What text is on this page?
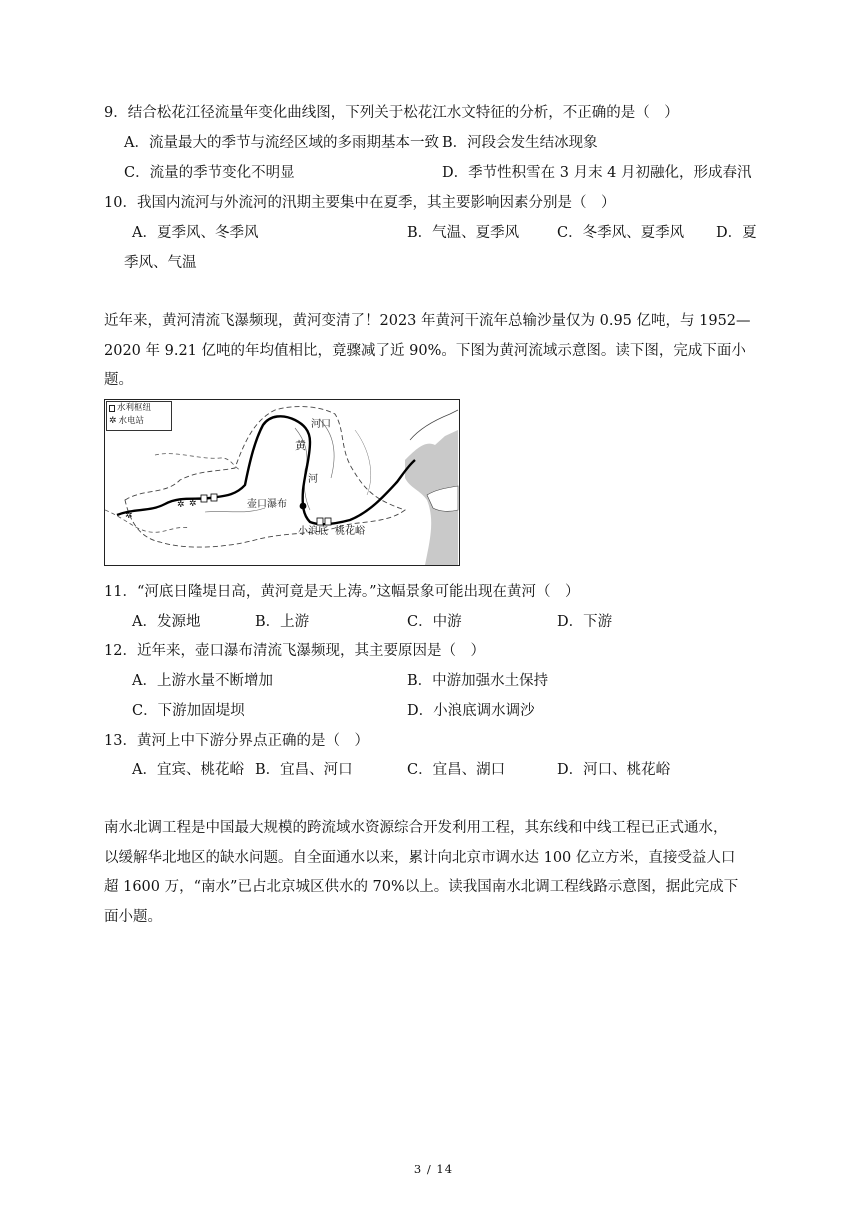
9．结合松花江径流量年变化曲线图，下列关于松花江水文特征的分析，不正确的是（　）
A．流量最大的季节与流经区域的多雨期基本一致 B．河段会发生结冰现象
C．流量的季节变化不明显	D．季节性积雪在 3 月末 4 月初融化，形成春汛
10．我国内流河与外流河的汛期主要集中在夏季，其主要影响因素分别是（　）
A．夏季风、冬季风	B．气温、夏季风	C．冬季风、夏季风 D．夏
季风、气温
近年来，黄河清流飞瀑频现，黄河变清了！2023 年黄河干流年总输沙量仅为 0.95 亿吨，与 1952—
2020 年 9.21 亿吨的年均值相比，竟骤减了近 90%。下图为黄河流域示意图。读下图，完成下面小
题。
✲ ✲
✲
水利枢纽
✲ 水电站	河口
黄
河
壶口瀑布
小浪底 桃花峪
11．“河底日隆堤日高，黄河竟是天上涛。”这幅景象可能出现在黄河（　）
A．发源地	B．上游	C．中游	D．下游
12．近年来，壶口瀑布清流飞瀑频现，其主要原因是（　）
A．上游水量不断增加	B．中游加强水土保持
C．下游加固堤坝	D．小浪底调水调沙
13．黄河上中下游分界点正确的是（　）
A．宜宾、桃花峪 B．宜昌、河口	C．宜昌、湖口	D．河口、桃花峪
南水北调工程是中国最大规模的跨流域水资源综合开发利用工程，其东线和中线工程已正式通水，
以缓解华北地区的缺水问题。自全面通水以来，累计向北京市调水达 100 亿立方米，直接受益人口
超 1600 万，“南水”已占北京城区供水的 70%以上。读我国南水北调工程线路示意图，据此完成下
面小题。
3 / 14
